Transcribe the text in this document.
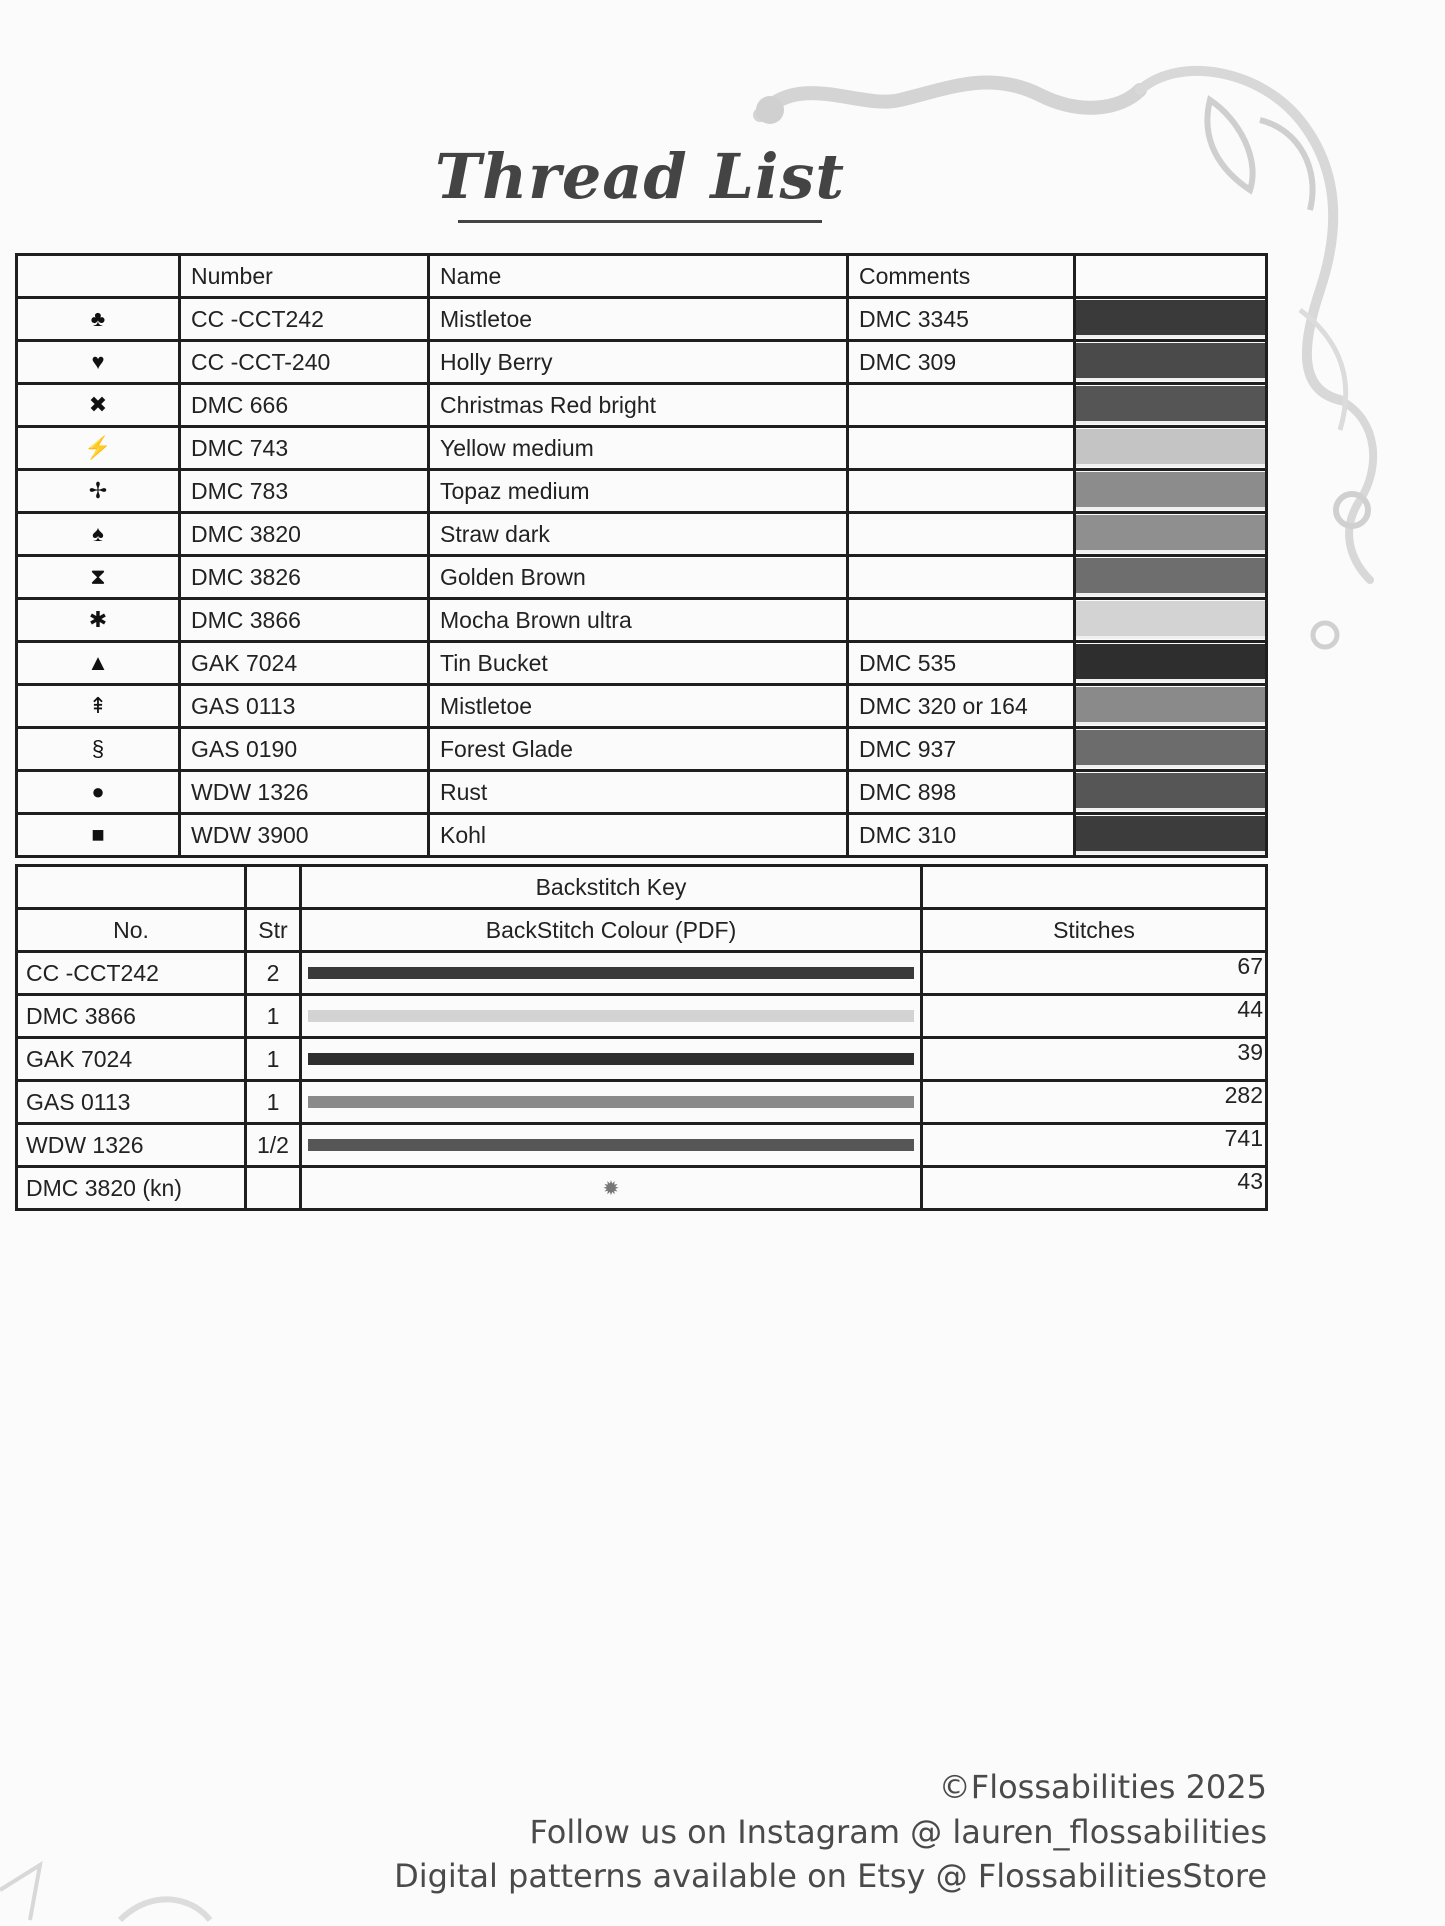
Thread List
	Number	Name	Comments	
♣	CC -CCT242	Mistletoe	DMC 3345	

♥	CC -CCT-240	Holly Berry	DMC 309	

✖	DMC 666	Christmas Red bright		

⚡	DMC 743	Yellow medium		

✢	DMC 783	Topaz medium		

♠	DMC 3820	Straw dark		

⧗	DMC 3826	Golden Brown		

✱	DMC 3866	Mocha Brown ultra		

▲	GAK 7024	Tin Bucket	DMC 535	

⇞	GAS 0113	Mistletoe	DMC 320 or 164	

§	GAS 0190	Forest Glade	DMC 937	

●	WDW 1326	Rust	DMC 898	

■	WDW 3900	Kohl	DMC 310	
		Backstitch Key	
No.	Str	BackStitch Colour (PDF)	Stitches
CC -CCT242	2		67
DMC 3866	1		44
GAK 7024	1		39
GAS 0113	1		282
WDW 1326	1/2		741
DMC 3820 (kn)		✹	43
©Flossabilities 2025
Follow us on Instagram @ lauren_flossabilities
Digital patterns available on Etsy @ FlossabilitiesStore
